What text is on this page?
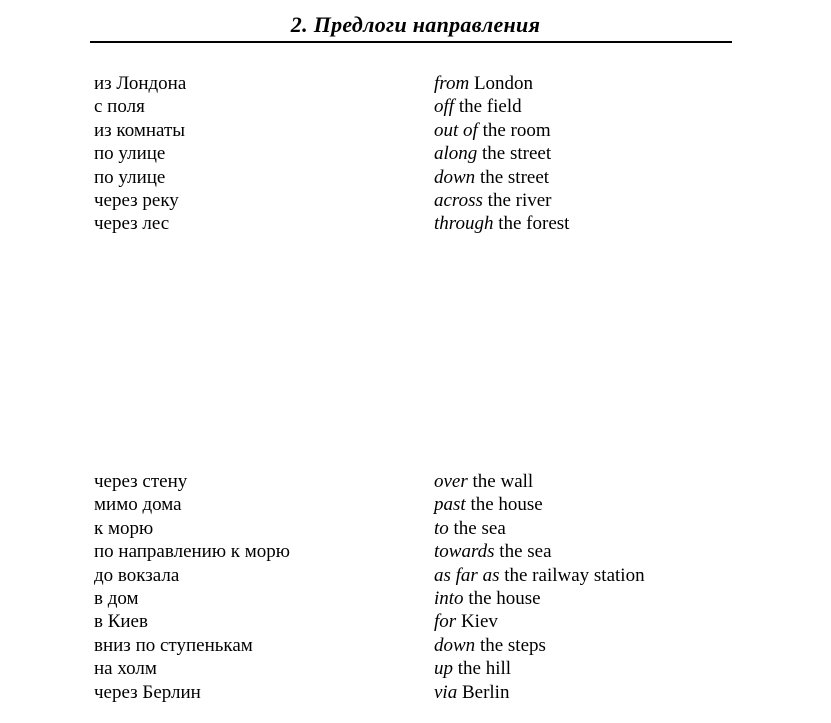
2. Предлоги направления
из Лондона	from London
с поля	off the field
из комнаты	out of the room
по улице	along the street
по улице	down the street
через реку	across the river
через лес	through the forest
через стену	over the wall
мимо дома	past the house
к морю	to the sea
по направлению к морю	towards the sea
до вокзала	as far as the railway station
в дом	into the house
в Киев	for Kiev
вниз по ступенькам	down the steps
на холм	up the hill
через Берлин	via Berlin
